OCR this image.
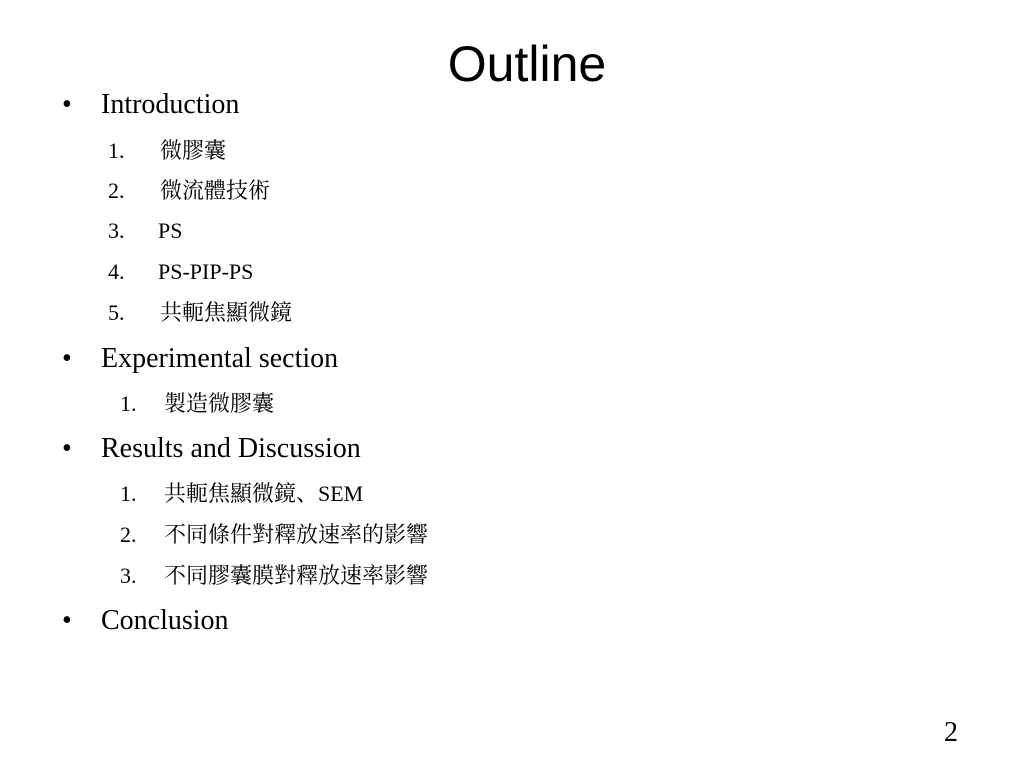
Outline
• Introduction
1. 微膠囊
2. 微流體技術
3. PS
4. PS-PIP-PS
5. 共軛焦顯微鏡
• Experimental section
1. 製造微膠囊
• Results and Discussion
1. 共軛焦顯微鏡、SEM
2. 不同條件對釋放速率的影響
3. 不同膠囊膜對釋放速率影響
• Conclusion
2
